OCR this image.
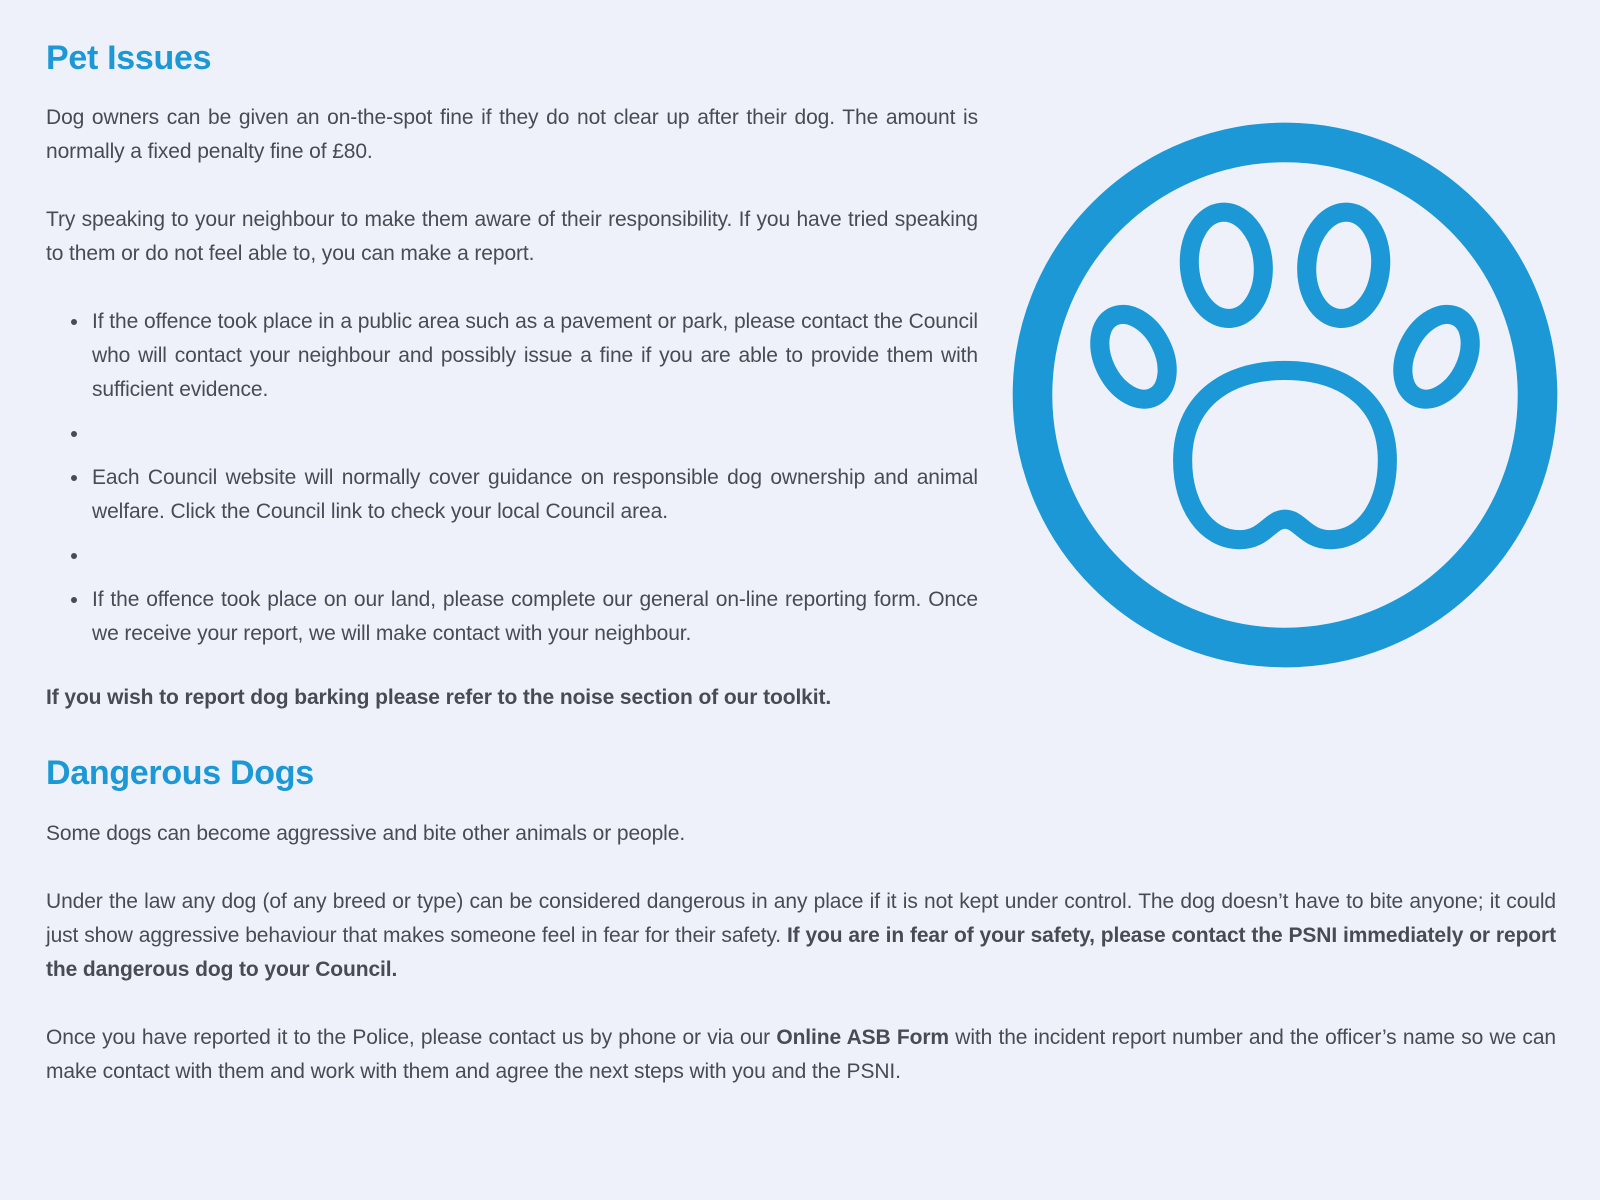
Pet Issues

Dog owners can be given an on-the-spot fine if they do not clear up after their dog. The amount is normally a fixed penalty fine of £80.

Try speaking to your neighbour to make them aware of their responsibility. If you have tried speaking to them or do not feel able to, you can make a report.

• If the offence took place in a public area such as a pavement or park, please contact the Council who will contact your neighbour and possibly issue a fine if you are able to provide them with sufficient evidence.
•
• Each Council website will normally cover guidance on responsible dog ownership and animal welfare. Click the Council link to check your local Council area.
•
• If the offence took place on our land, please complete our general on-line reporting form. Once we receive your report, we will make contact with your neighbour.

If you wish to report dog barking please refer to the noise section of our toolkit.

Dangerous Dogs

Some dogs can become aggressive and bite other animals or people.

Under the law any dog (of any breed or type) can be considered dangerous in any place if it is not kept under control. The dog doesn’t have to bite anyone; it could just show aggressive behaviour that makes someone feel in fear for their safety. If you are in fear of your safety, please contact the PSNI immediately or report the dangerous dog to your Council.

Once you have reported it to the Police, please contact us by phone or via our Online ASB Form with the incident report number and the officer’s name so we can make contact with them and work with them and agree the next steps with you and the PSNI.
